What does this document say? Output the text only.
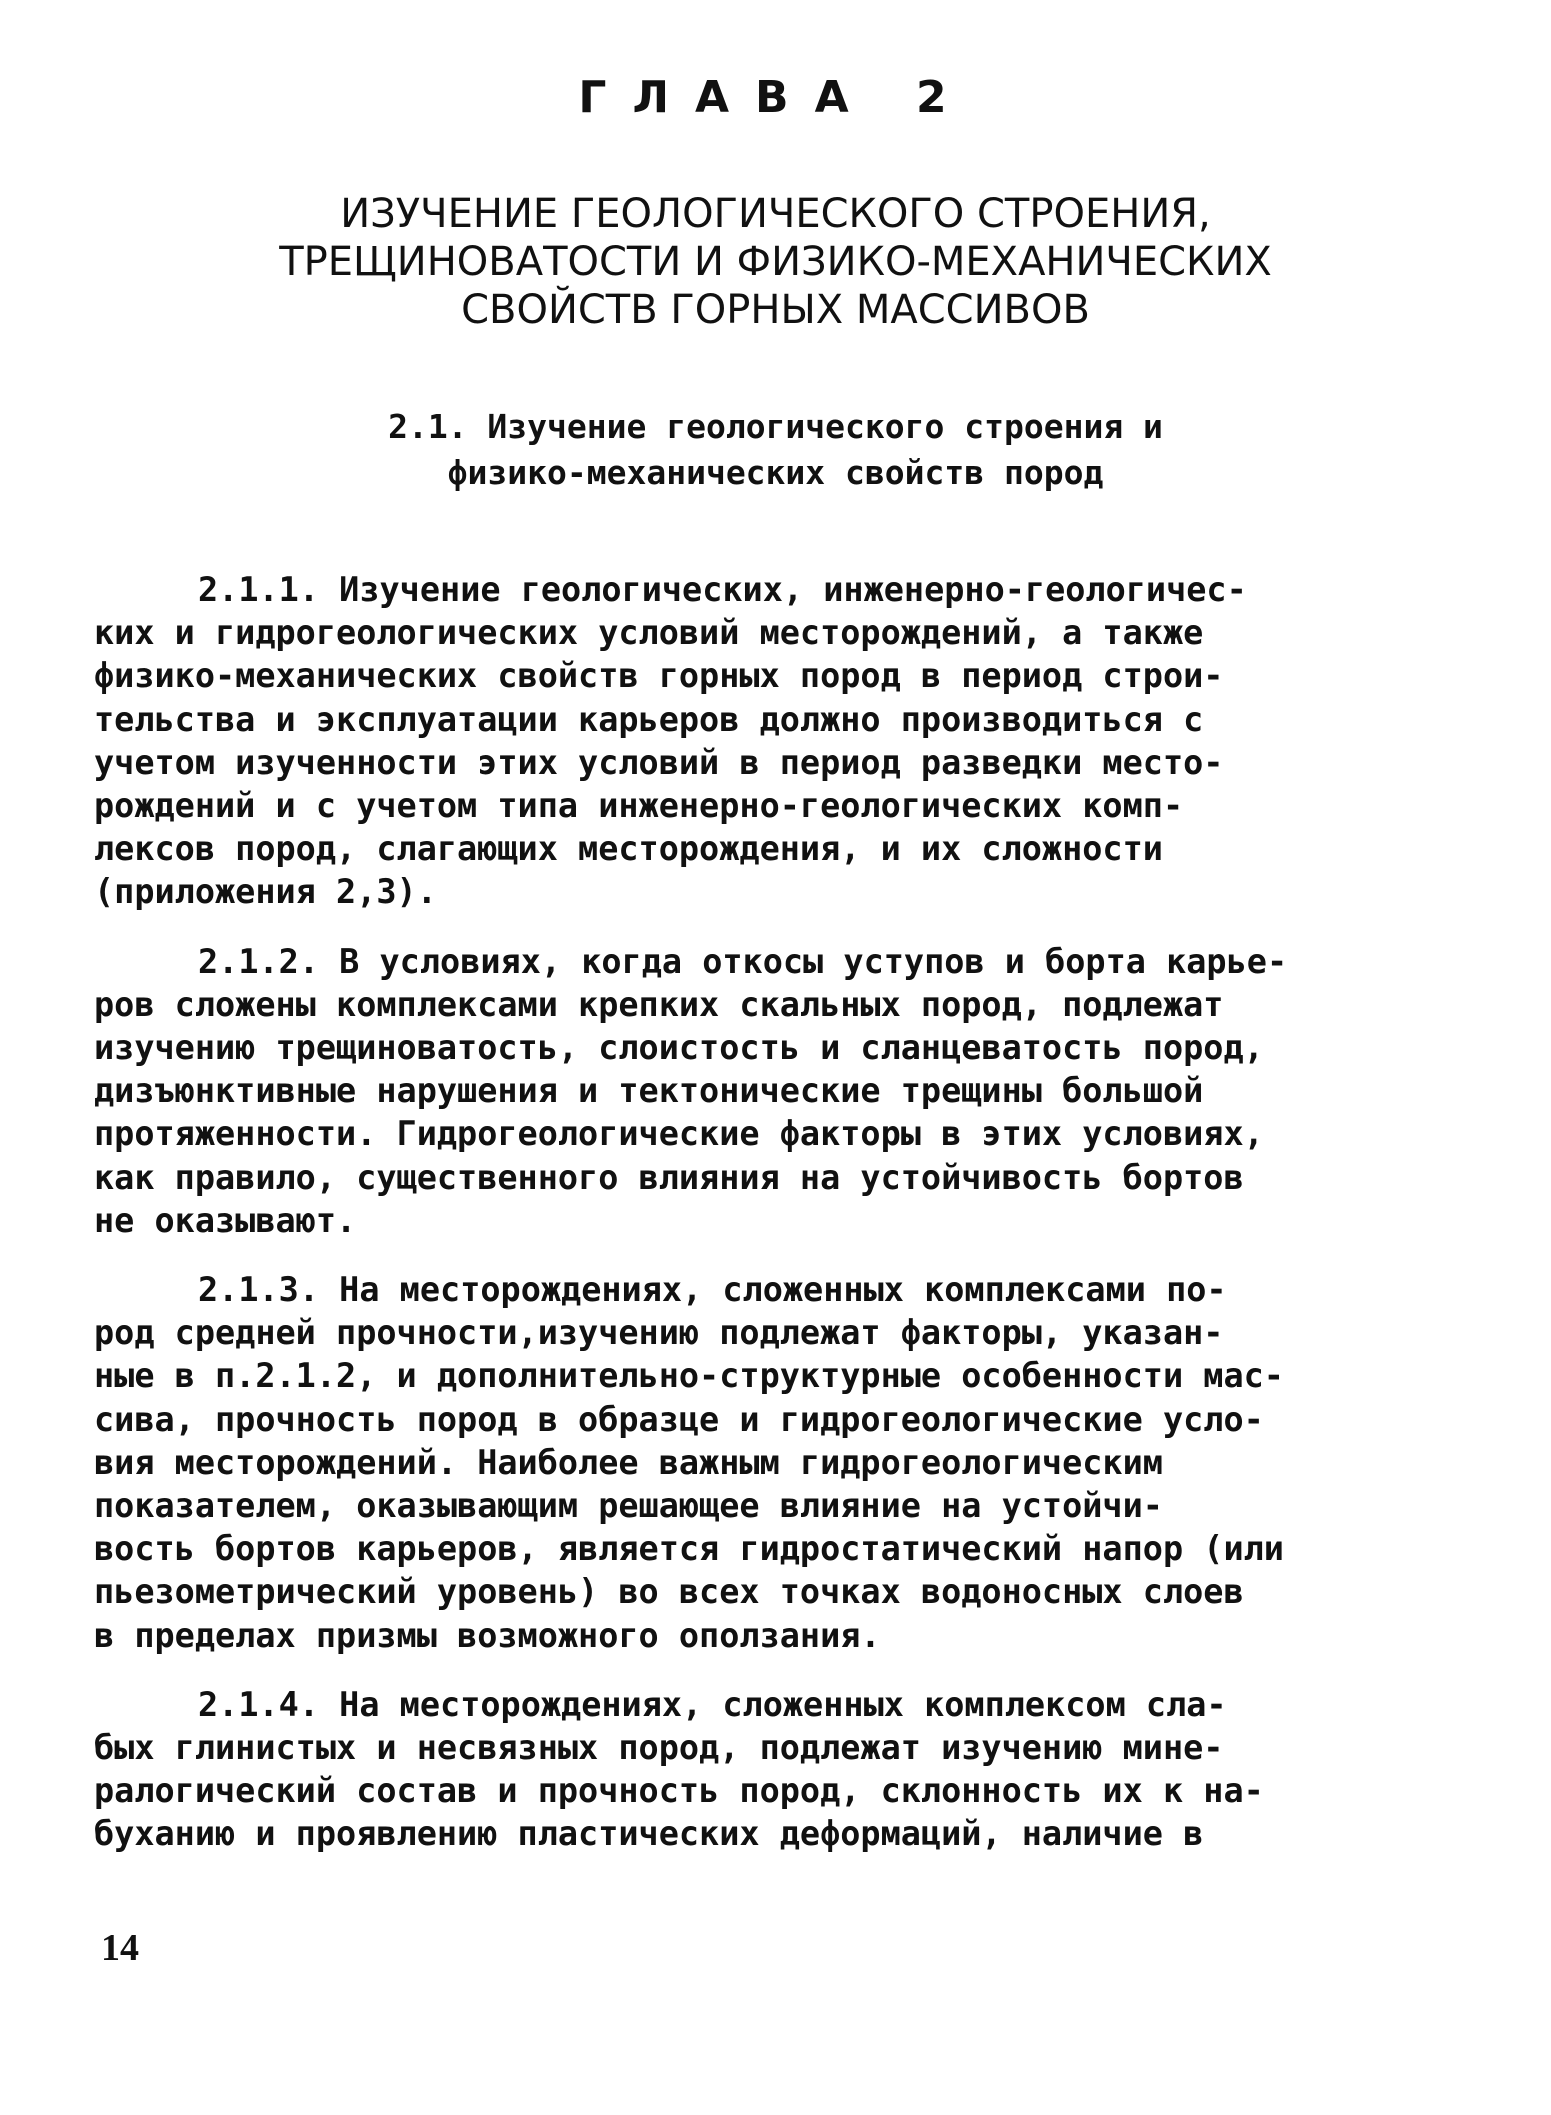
ГЛАВА 2
ИЗУЧЕНИЕ ГЕОЛОГИЧЕСКОГО СТРОЕНИЯ,
ТРЕЩИНОВАТОСТИ И ФИЗИКО-МЕХАНИЧЕСКИХ
СВОЙСТВ ГОРНЫХ МАССИВОВ
2.1. Изучение геологического строения и
физико-механических свойств пород
2.1.1. Изучение геологических, инженерно-геологичес-
ких и гидрогеологических условий месторождений, а также
физико-механических свойств горных пород в период строи-
тельства и эксплуатации карьеров должно производиться с
учетом изученности этих условий в период разведки место-
рождений и с учетом типа инженерно-геологических комп-
лексов пород, слагающих месторождения, и их сложности
(приложения 2,3).
2.1.2. В условиях, когда откосы уступов и борта карье-
ров сложены комплексами крепких скальных пород, подлежат
изучению трещиноватость, слоистость и сланцеватость пород,
дизъюнктивные нарушения и тектонические трещины большой
протяженности. Гидрогеологические факторы в этих условиях,
как правило, существенного влияния на устойчивость бортов
не оказывают.
2.1.3. На месторождениях, сложенных комплексами по-
род средней прочности,изучению подлежат факторы, указан-
ные в п.2.1.2, и дополнительно-структурные особенности мас-
сива, прочность пород в образце и гидрогеологические усло-
вия месторождений. Наиболее важным гидрогеологическим
показателем, оказывающим решающее влияние на устойчи-
вость бортов карьеров, является гидростатический напор (или
пьезометрический уровень) во всех точках водоносных слоев
в пределах призмы возможного оползания.
2.1.4. На месторождениях, сложенных комплексом сла-
бых глинистых и несвязных пород, подлежат изучению мине-
ралогический состав и прочность пород, склонность их к на-
буханию и проявлению пластических деформаций, наличие в
14
